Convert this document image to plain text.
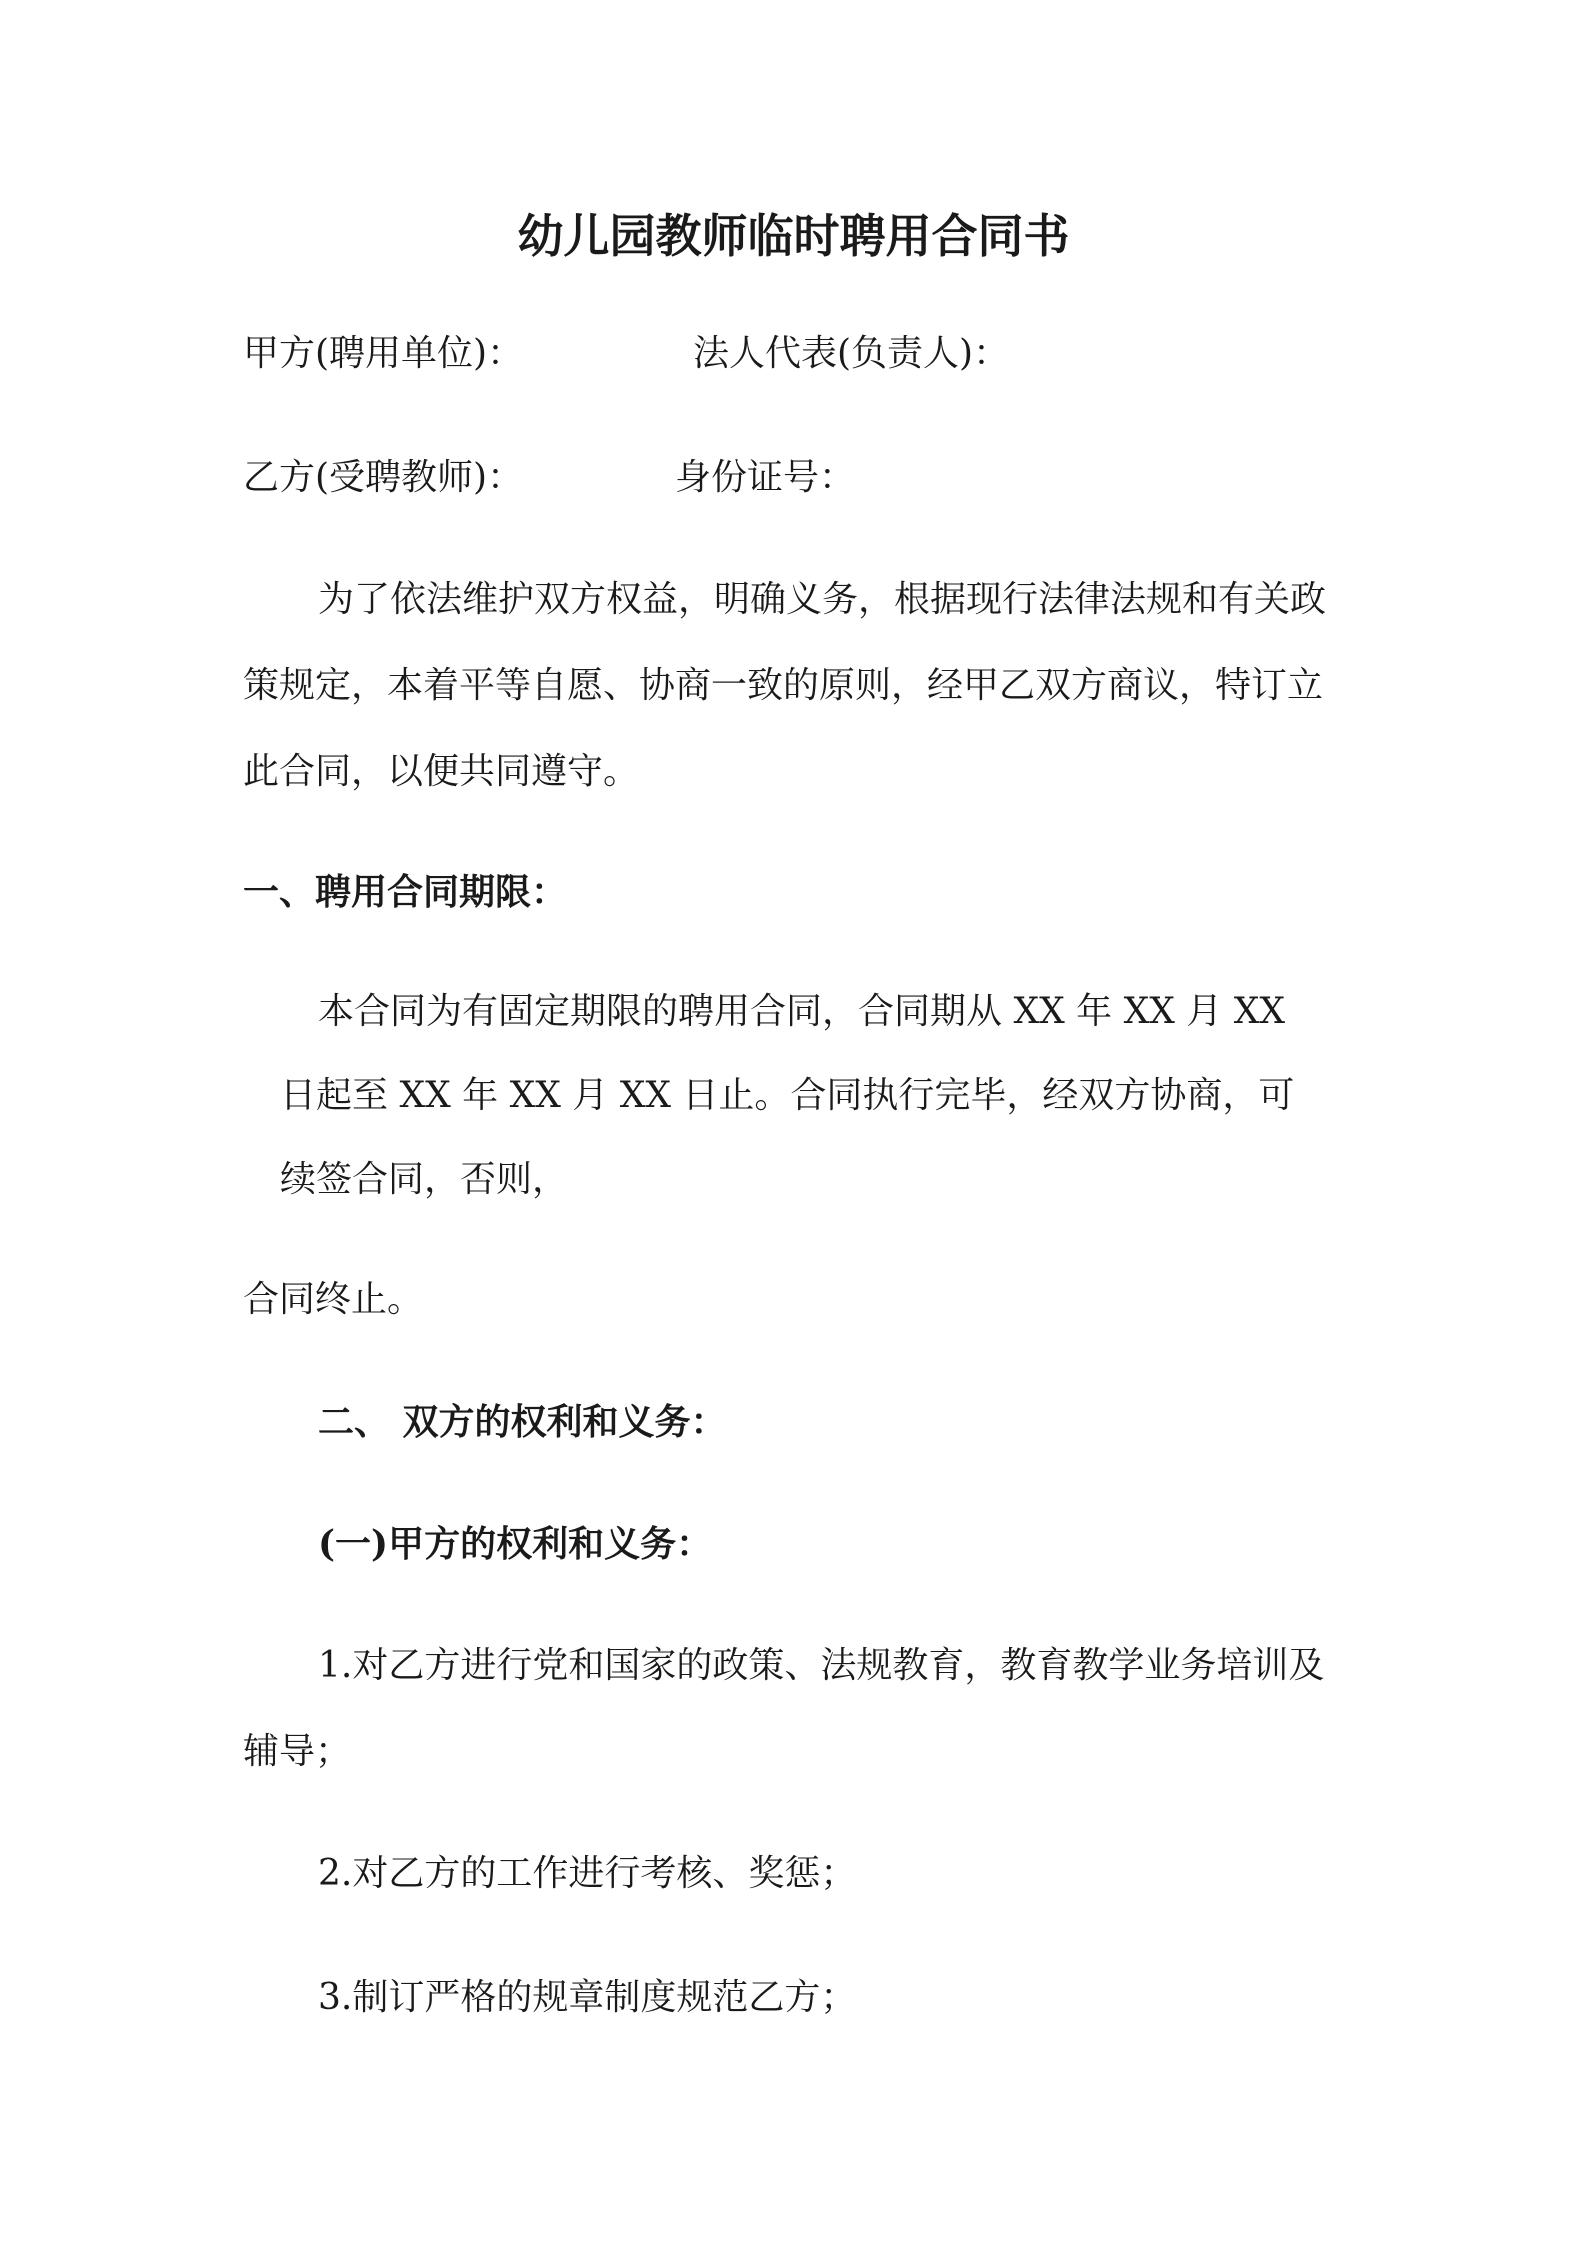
幼儿园教师临时聘用合同书

甲方(聘用单位)：	法人代表(负责人)：

乙方(受聘教师)：	身份证号：

为了依法维护双方权益，明确义务，根据现行法律法规和有关政

策规定，本着平等自愿、协商一致的原则，经甲乙双方商议，特订立

此合同，以便共同遵守。

一、聘用合同期限：

本合同为有固定期限的聘用合同，合同期从 XX 年 XX 月 XX

日起至 XX 年 XX 月 XX 日止。合同执行完毕，经双方协商，可

续签合同，否则，

合同终止。

二、 双方的权利和义务：

(一)甲方的权利和义务：

1.对乙方进行党和国家的政策、法规教育，教育教学业务培训及

辅导；

2.对乙方的工作进行考核、奖惩；

3.制订严格的规章制度规范乙方；
